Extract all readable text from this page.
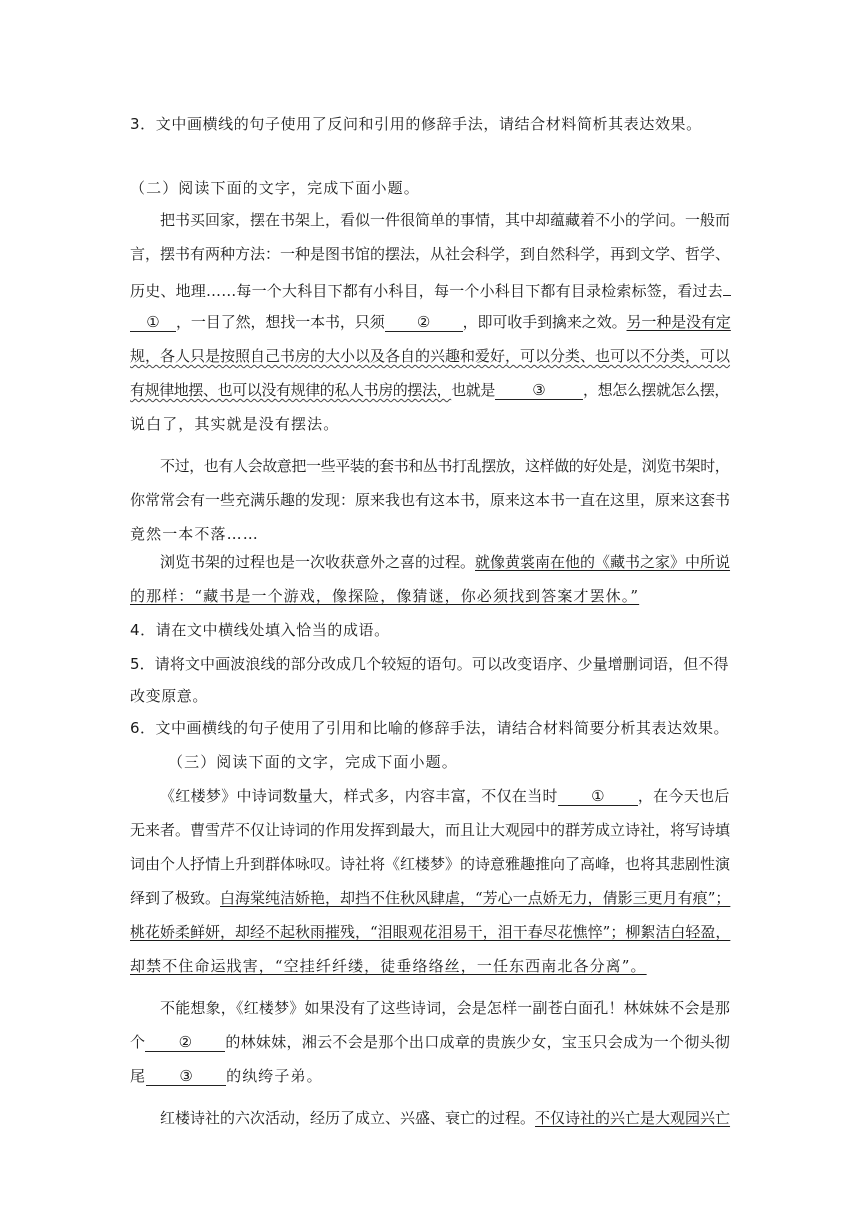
3．文中画横线的句子使用了反问和引用的修辞手法，请结合材料简析其表达效果。
（二）阅读下面的文字，完成下面小题。
把书买回家，摆在书架上，看似一件很简单的事情，其中却蕴藏着不小的学问。一般而
言，摆书有两种方法：一种是图书馆的摆法，从社会科学，到自然科学，再到文学、哲学、
历史、地理……每一个大科目下都有小科目，每一个小科目下都有目录检索标签，看过去
① ，一目了然，想找一本书，只须 ② ，即可收手到擒来之效。另一种是没有定
规，各人只是按照自己书房的大小以及各自的兴趣和爱好，可以分类、也可以不分类，可以
有规律地摆、也可以没有规律的私人书房的摆法，也就是 ③ ，想怎么摆就怎么摆，
说白了，其实就是没有摆法。
不过，也有人会故意把一些平装的套书和丛书打乱摆放，这样做的好处是，浏览书架时，
你常常会有一些充满乐趣的发现：原来我也有这本书，原来这本书一直在这里，原来这套书
竟然一本不落……
浏览书架的过程也是一次收获意外之喜的过程。就像黄裳南在他的《藏书之家》中所说
的那样：“藏书是一个游戏，像探险，像猜谜，你必须找到答案才罢休。”
4．请在文中横线处填入恰当的成语。
5．请将文中画波浪线的部分改成几个较短的语句。可以改变语序、少量增删词语，但不得
改变原意。
6．文中画横线的句子使用了引用和比喻的修辞手法，请结合材料简要分析其表达效果。
（三）阅读下面的文字，完成下面小题。
《红楼梦》中诗词数量大，样式多，内容丰富，不仅在当时 ① ，在今天也后
无来者。曹雪芹不仅让诗词的作用发挥到最大，而且让大观园中的群芳成立诗社，将写诗填
词由个人抒情上升到群体咏叹。诗社将《红楼梦》的诗意雅趣推向了高峰，也将其悲剧性演
绎到了极致。白海棠纯洁娇艳，却挡不住秋风肆虐，“芳心一点娇无力，倩影三更月有痕”；
桃花娇柔鲜妍，却经不起秋雨摧残，“泪眼观花泪易干，泪干春尽花憔悴”；柳絮洁白轻盈，
却禁不住命运戕害，“空挂纤纤缕，徒垂络络丝，一任东西南北各分离”。
不能想象，《红楼梦》如果没有了这些诗词，会是怎样一副苍白面孔！林妹妹不会是那
个 ② 的林妹妹，湘云不会是那个出口成章的贵族少女，宝玉只会成为一个彻头彻
尾 ③ 的纨绔子弟。
红楼诗社的六次活动，经历了成立、兴盛、衰亡的过程。不仅诗社的兴亡是大观园兴亡
